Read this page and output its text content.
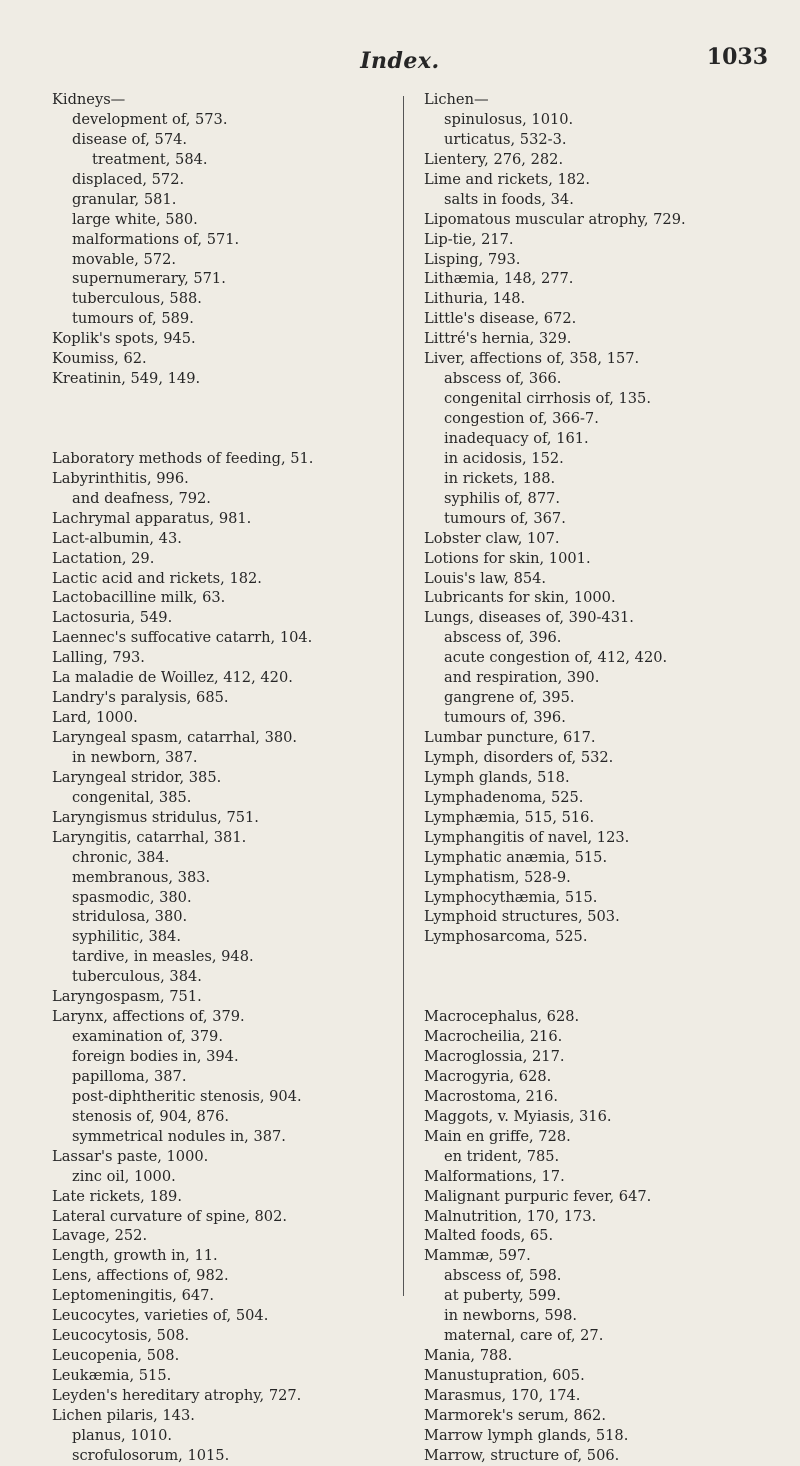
Index.	1033
Kidneys—
development of, 573.
disease of, 574.
treatment, 584.
displaced, 572.
granular, 581.
large white, 580.
malformations of, 571.
movable, 572.
supernumerary, 571.
tuberculous, 588.
tumours of, 589.
Koplik's spots, 945.
Koumiss, 62.
Kreatinin, 549, 149.
Laboratory methods of feeding, 51.
Labyrinthitis, 996.
and deafness, 792.
Lachrymal apparatus, 981.
Lact-albumin, 43.
Lactation, 29.
Lactic acid and rickets, 182.
Lactobacilline milk, 63.
Lactosuria, 549.
Laennec's suffocative catarrh, 104.
Lalling, 793.
La maladie de Woillez, 412, 420.
Landry's paralysis, 685.
Lard, 1000.
Laryngeal spasm, catarrhal, 380.
in newborn, 387.
Laryngeal stridor, 385.
congenital, 385.
Laryngismus stridulus, 751.
Laryngitis, catarrhal, 381.
chronic, 384.
membranous, 383.
spasmodic, 380.
stridulosa, 380.
syphilitic, 384.
tardive, in measles, 948.
tuberculous, 384.
Laryngospasm, 751.
Larynx, affections of, 379.
examination of, 379.
foreign bodies in, 394.
papilloma, 387.
post-diphtheritic stenosis, 904.
stenosis of, 904, 876.
symmetrical nodules in, 387.
Lassar's paste, 1000.
zinc oil, 1000.
Late rickets, 189.
Lateral curvature of spine, 802.
Lavage, 252.
Length, growth in, 11.
Lens, affections of, 982.
Leptomeningitis, 647.
Leucocytes, varieties of, 504.
Leucocytosis, 508.
Leucopenia, 508.
Leukæmia, 515.
Leyden's hereditary atrophy, 727.
Lichen pilaris, 143.
planus, 1010.
scrofulosorum, 1015.
Lichen—
spinulosus, 1010.
urticatus, 532-3.
Lientery, 276, 282.
Lime and rickets, 182.
salts in foods, 34.
Lipomatous muscular atrophy, 729.
Lip-tie, 217.
Lisping, 793.
Lithæmia, 148, 277.
Lithuria, 148.
Little's disease, 672.
Littré's hernia, 329.
Liver, affections of, 358, 157.
abscess of, 366.
congenital cirrhosis of, 135.
congestion of, 366-7.
inadequacy of, 161.
in acidosis, 152.
in rickets, 188.
syphilis of, 877.
tumours of, 367.
Lobster claw, 107.
Lotions for skin, 1001.
Louis's law, 854.
Lubricants for skin, 1000.
Lungs, diseases of, 390-431.
abscess of, 396.
acute congestion of, 412, 420.
and respiration, 390.
gangrene of, 395.
tumours of, 396.
Lumbar puncture, 617.
Lymph, disorders of, 532.
Lymph glands, 518.
Lymphadenoma, 525.
Lymphæmia, 515, 516.
Lymphangitis of navel, 123.
Lymphatic anæmia, 515.
Lymphatism, 528-9.
Lymphocythæmia, 515.
Lymphoid structures, 503.
Lymphosarcoma, 525.
Macrocephalus, 628.
Macrocheilia, 216.
Macroglossia, 217.
Macrogyria, 628.
Macrostoma, 216.
Maggots, v. Myiasis, 316.
Main en griffe, 728.
en trident, 785.
Malformations, 17.
Malignant purpuric fever, 647.
Malnutrition, 170, 173.
Malted foods, 65.
Mammæ, 597.
abscess of, 598.
at puberty, 599.
in newborns, 598.
maternal, care of, 27.
Mania, 788.
Manustupration, 605.
Marasmus, 170, 174.
Marmorek's serum, 862.
Marrow lymph glands, 518.
Marrow, structure of, 506.
